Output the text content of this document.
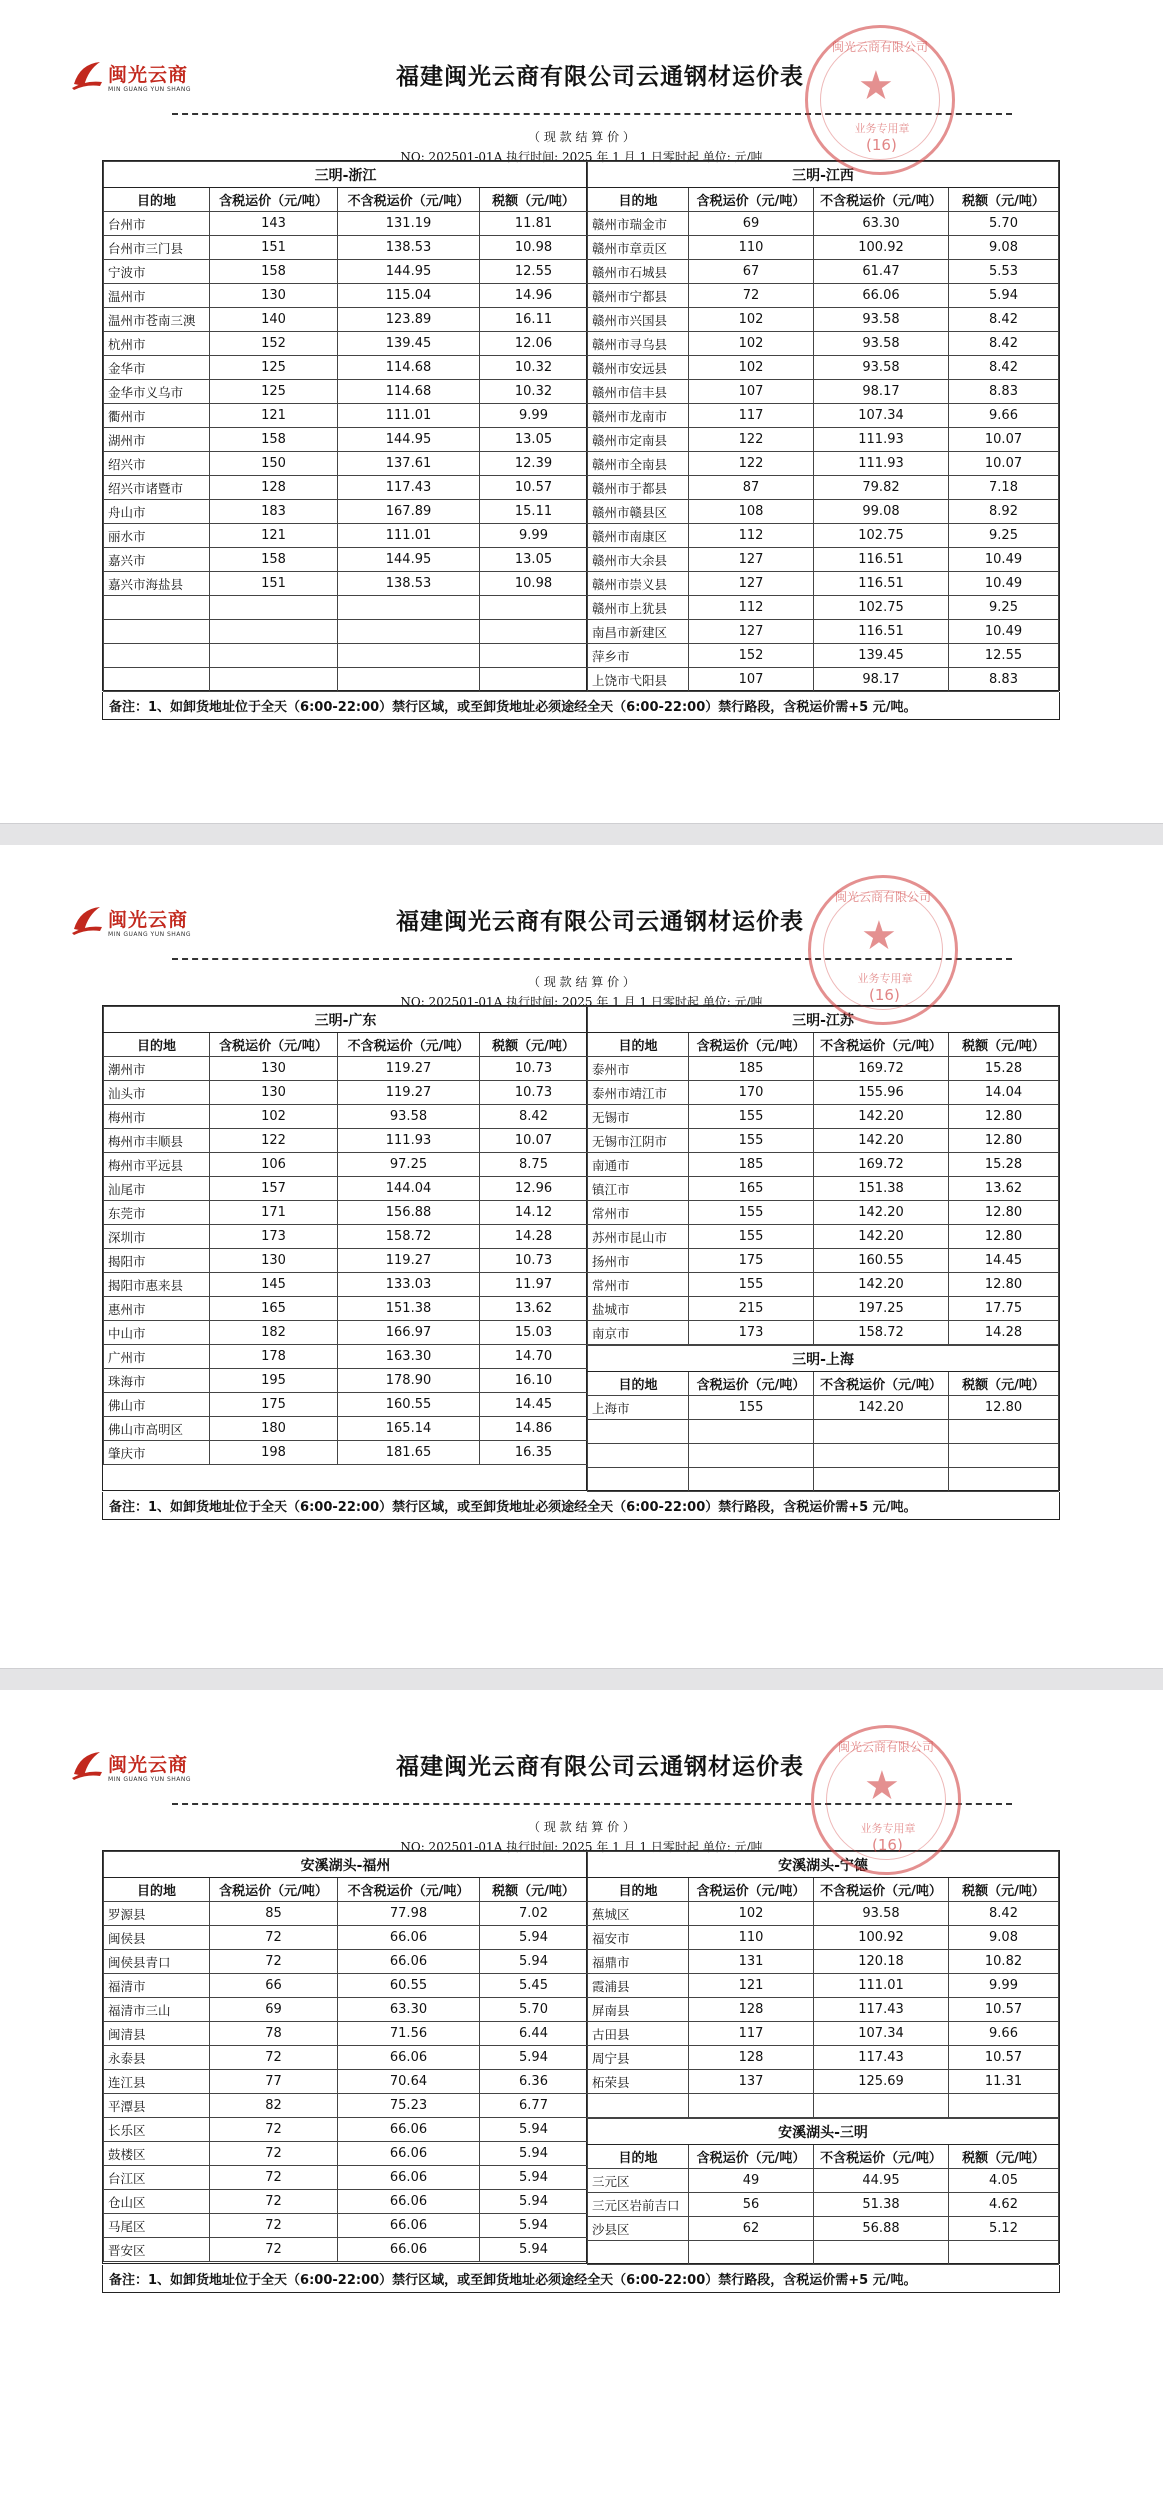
闽光云商
MIN GUANG YUN SHANG	福建闽光云商有限公司云通钢材运价表
（ 现 款 结 算 价 ）
NO: 202501-01A 执行时间: 2025 年 1 月 1 日零时起 单位: 元/吨
三明-浙江			
目的地	含税运价（元/吨）	不含税运价（元/吨）	税额（元/吨）
台州市	143	131.19	11.81
台州市三门县	151	138.53	10.98
宁波市	158	144.95	12.55
温州市	130	115.04	14.96
温州市苍南三澳	140	123.89	16.11
杭州市	152	139.45	12.06
金华市	125	114.68	10.32
金华市义乌市	125	114.68	10.32
衢州市	121	111.01	9.99
湖州市	158	144.95	13.05
绍兴市	150	137.61	12.39
绍兴市诸暨市	128	117.43	10.57
舟山市	183	167.89	15.11
丽水市	121	111.01	9.99
嘉兴市	158	144.95	13.05
嘉兴市海盐县	151	138.53	10.98

三明-江西			
目的地	含税运价（元/吨）	不含税运价（元/吨）	税额（元/吨）
赣州市瑞金市	69	63.30	5.70
赣州市章贡区	110	100.92	9.08
赣州市石城县	67	61.47	5.53
赣州市宁都县	72	66.06	5.94
赣州市兴国县	102	93.58	8.42
赣州市寻乌县	102	93.58	8.42
赣州市安远县	102	93.58	8.42
赣州市信丰县	107	98.17	8.83
赣州市龙南市	117	107.34	9.66
赣州市定南县	122	111.93	10.07
赣州市全南县	122	111.93	10.07
赣州市于都县	87	79.82	7.18
赣州市赣县区	108	99.08	8.92
赣州市南康区	112	102.75	9.25
赣州市大余县	127	116.51	10.49
赣州市崇义县	127	116.51	10.49
赣州市上犹县	112	102.75	9.25
南昌市新建区	127	116.51	10.49
萍乡市	152	139.45	12.55
上饶市弋阳县	107	98.17	8.83
备注：1、如卸货地址位于全天（6:00-22:00）禁行区域，或至卸货地址必须途经全天（6:00-22:00）禁行路段，含税运价需+5 元/吨。
闽光云商有限公司
★
业务专用章
(16)
闽光云商
MIN GUANG YUN SHANG	福建闽光云商有限公司云通钢材运价表
（ 现 款 结 算 价 ）
NO: 202501-01A 执行时间: 2025 年 1 月 1 日零时起 单位: 元/吨
三明-广东			
目的地	含税运价（元/吨）	不含税运价（元/吨）	税额（元/吨）
潮州市	130	119.27	10.73
汕头市	130	119.27	10.73
梅州市	102	93.58	8.42
梅州市丰顺县	122	111.93	10.07
梅州市平远县	106	97.25	8.75
汕尾市	157	144.04	12.96
东莞市	171	156.88	14.12
深圳市	173	158.72	14.28
揭阳市	130	119.27	10.73
揭阳市惠来县	145	133.03	11.97
惠州市	165	151.38	13.62
中山市	182	166.97	15.03
广州市	178	163.30	14.70
珠海市	195	178.90	16.10
佛山市	175	160.55	14.45
佛山市高明区	180	165.14	14.86
肇庆市	198	181.65	16.35
三明-江苏			
目的地	含税运价（元/吨）	不含税运价（元/吨）	税额（元/吨）
泰州市	185	169.72	15.28
泰州市靖江市	170	155.96	14.04
无锡市	155	142.20	12.80
无锡市江阴市	155	142.20	12.80
南通市	185	169.72	15.28
镇江市	165	151.38	13.62
常州市	155	142.20	12.80
苏州市昆山市	155	142.20	12.80
扬州市	175	160.55	14.45
常州市	155	142.20	12.80
盐城市	215	197.25	17.75
南京市	173	158.72	14.28
三明-上海			
目的地	含税运价（元/吨）	不含税运价（元/吨）	税额（元/吨）
上海市	155	142.20	12.80

备注：1、如卸货地址位于全天（6:00-22:00）禁行区域，或至卸货地址必须途经全天（6:00-22:00）禁行路段，含税运价需+5 元/吨。
闽光云商有限公司
★
业务专用章
(16)
闽光云商
MIN GUANG YUN SHANG	福建闽光云商有限公司云通钢材运价表
（ 现 款 结 算 价 ）
NO: 202501-01A 执行时间: 2025 年 1 月 1 日零时起 单位: 元/吨
安溪湖头-福州			
目的地	含税运价（元/吨）	不含税运价（元/吨）	税额（元/吨）
罗源县	85	77.98	7.02
闽侯县	72	66.06	5.94
闽侯县青口	72	66.06	5.94
福清市	66	60.55	5.45
福清市三山	69	63.30	5.70
闽清县	78	71.56	6.44
永泰县	72	66.06	5.94
连江县	77	70.64	6.36
平潭县	82	75.23	6.77
长乐区	72	66.06	5.94
鼓楼区	72	66.06	5.94
台江区	72	66.06	5.94
仓山区	72	66.06	5.94
马尾区	72	66.06	5.94
晋安区	72	66.06	5.94
安溪湖头-宁德			
目的地	含税运价（元/吨）	不含税运价（元/吨）	税额（元/吨）
蕉城区	102	93.58	8.42
福安市	110	100.92	9.08
福鼎市	131	120.18	10.82
霞浦县	121	111.01	9.99
屏南县	128	117.43	10.57
古田县	117	107.34	9.66
周宁县	128	117.43	10.57
柘荣县	137	125.69	11.31

安溪湖头-三明			
目的地	含税运价（元/吨）	不含税运价（元/吨）	税额（元/吨）
三元区	49	44.95	4.05
三元区岩前吉口	56	51.38	4.62
沙县区	62	56.88	5.12

备注：1、如卸货地址位于全天（6:00-22:00）禁行区域，或至卸货地址必须途经全天（6:00-22:00）禁行路段，含税运价需+5 元/吨。
闽光云商有限公司
★
业务专用章
(16)
